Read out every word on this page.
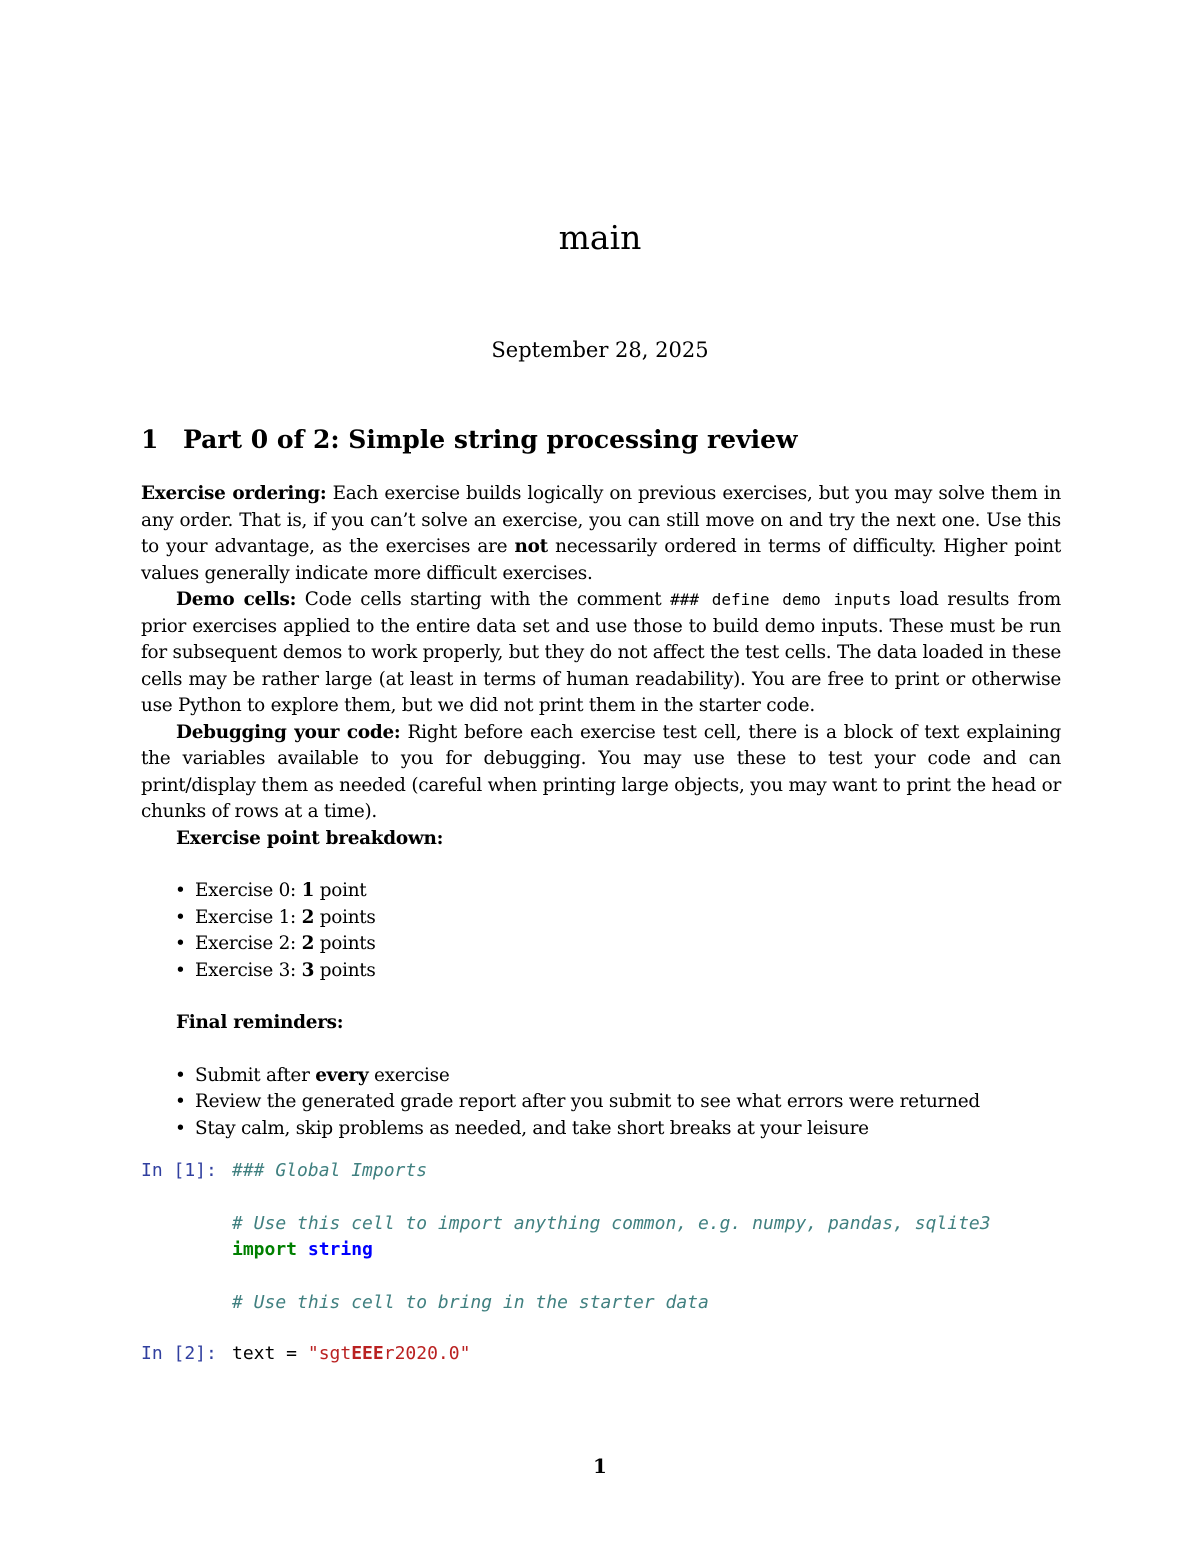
main
September 28, 2025
1 Part 0 of 2: Simple string processing review

Exercise ordering: Each exercise builds logically on previous exercises, but you may solve them in any order. That is, if you can’t solve an exercise, you can still move on and try the next one. Use this to your advantage, as the exercises are not necessarily ordered in terms of difficulty. Higher point values generally indicate more difficult exercises.

Demo cells: Code cells starting with the comment ### define demo inputs load results from prior exercises applied to the entire data set and use those to build demo inputs. These must be run for subsequent demos to work properly, but they do not affect the test cells. The data loaded in these cells may be rather large (at least in terms of human readability). You are free to print or otherwise use Python to explore them, but we did not print them in the starter code.

Debugging your code: Right before each exercise test cell, there is a block of text explaining the variables available to you for debugging. You may use these to test your code and can print/display them as needed (careful when printing large objects, you may want to print the head or chunks of rows at a time).

Exercise point breakdown:

• Exercise 0: 1 point
• Exercise 1: 2 points
• Exercise 2: 2 points
• Exercise 3: 3 points

Final reminders:

• Submit after every exercise
• Review the generated grade report after you submit to see what errors were returned
• Stay calm, skip problems as needed, and take short breaks at your leisure
In [1]: ### Global Imports
# Use this cell to import anything common, e.g. numpy, pandas, sqlite3
import string
# Use this cell to bring in the starter data
In [2]: text = "sgtEEEr2020.0"
1
